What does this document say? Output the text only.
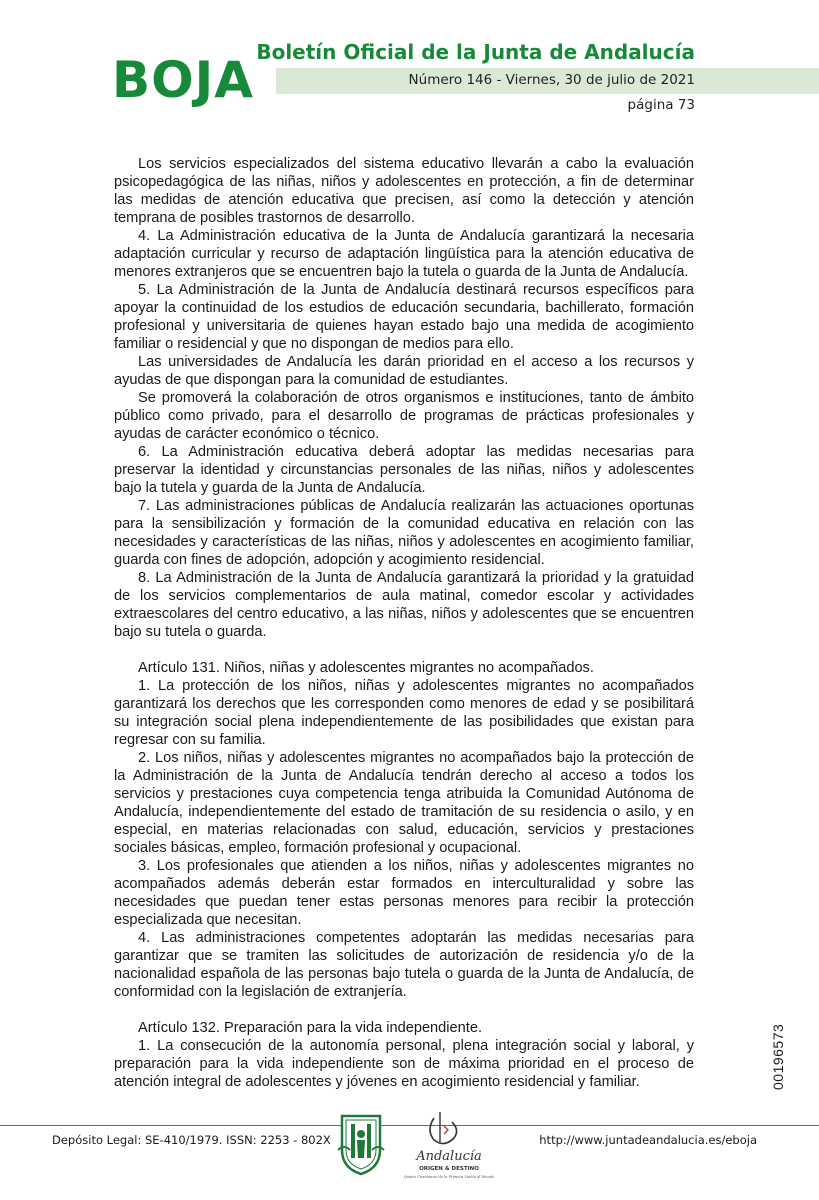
BOJA Boletín Oficial de la Junta de Andalucía
Número 146 - Viernes, 30 de julio de 2021
página 73

Los servicios especializados del sistema educativo llevarán a cabo la evaluación psicopedagógica de las niñas, niños y adolescentes en protección, a fin de determinar las medidas de atención educativa que precisen, así como la detección y atención temprana de posibles trastornos de desarrollo.

4. La Administración educativa de la Junta de Andalucía garantizará la necesaria adaptación curricular y recurso de adaptación lingüística para la atención educativa de menores extranjeros que se encuentren bajo la tutela o guarda de la Junta de Andalucía.

5. La Administración de la Junta de Andalucía destinará recursos específicos para apoyar la continuidad de los estudios de educación secundaria, bachillerato, formación profesional y universitaria de quienes hayan estado bajo una medida de acogimiento familiar o residencial y que no dispongan de medios para ello.

Las universidades de Andalucía les darán prioridad en el acceso a los recursos y ayudas de que dispongan para la comunidad de estudiantes.

Se promoverá la colaboración de otros organismos e instituciones, tanto de ámbito público como privado, para el desarrollo de programas de prácticas profesionales y ayudas de carácter económico o técnico.

6. La Administración educativa deberá adoptar las medidas necesarias para preservar la identidad y circunstancias personales de las niñas, niños y adolescentes bajo la tutela y guarda de la Junta de Andalucía.

7. Las administraciones públicas de Andalucía realizarán las actuaciones oportunas para la sensibilización y formación de la comunidad educativa en relación con las necesidades y características de las niñas, niños y adolescentes en acogimiento familiar, guarda con fines de adopción, adopción y acogimiento residencial.

8. La Administración de la Junta de Andalucía garantizará la prioridad y la gratuidad de los servicios complementarios de aula matinal, comedor escolar y actividades extraescolares del centro educativo, a las niñas, niños y adolescentes que se encuentren bajo su tutela o guarda.

Artículo 131. Niños, niñas y adolescentes migrantes no acompañados.

1. La protección de los niños, niñas y adolescentes migrantes no acompañados garantizará los derechos que les corresponden como menores de edad y se posibilitará su integración social plena independientemente de las posibilidades que existan para regresar con su familia.

2. Los niños, niñas y adolescentes migrantes no acompañados bajo la protección de la Administración de la Junta de Andalucía tendrán derecho al acceso a todos los servicios y prestaciones cuya competencia tenga atribuida la Comunidad Autónoma de Andalucía, independientemente del estado de tramitación de su residencia o asilo, y en especial, en materias relacionadas con salud, educación, servicios y prestaciones sociales básicas, empleo, formación profesional y ocupacional.

3. Los profesionales que atienden a los niños, niñas y adolescentes migrantes no acompañados además deberán estar formados en interculturalidad y sobre las necesidades que puedan tener estas personas menores para recibir la protección especializada que necesitan.

4. Las administraciones competentes adoptarán las medidas necesarias para garantizar que se tramiten las solicitudes de autorización de residencia y/o de la nacionalidad española de las personas bajo tutela o guarda de la Junta de Andalucía, de conformidad con la legislación de extranjería.

Artículo 132. Preparación para la vida independiente.

1. La consecución de la autonomía personal, plena integración social y laboral, y preparación para la vida independiente son de máxima prioridad en el proceso de atención integral de adolescentes y jóvenes en acogimiento residencial y familiar.	00196573
Depósito Legal: SE-410/1979. ISSN: 2253 - 802X	http://www.juntadeandalucia.es/eboja
Andalucía
ORIGEN & DESTINO
Quinto Centenario de la Primera Vuelta al Mundo
